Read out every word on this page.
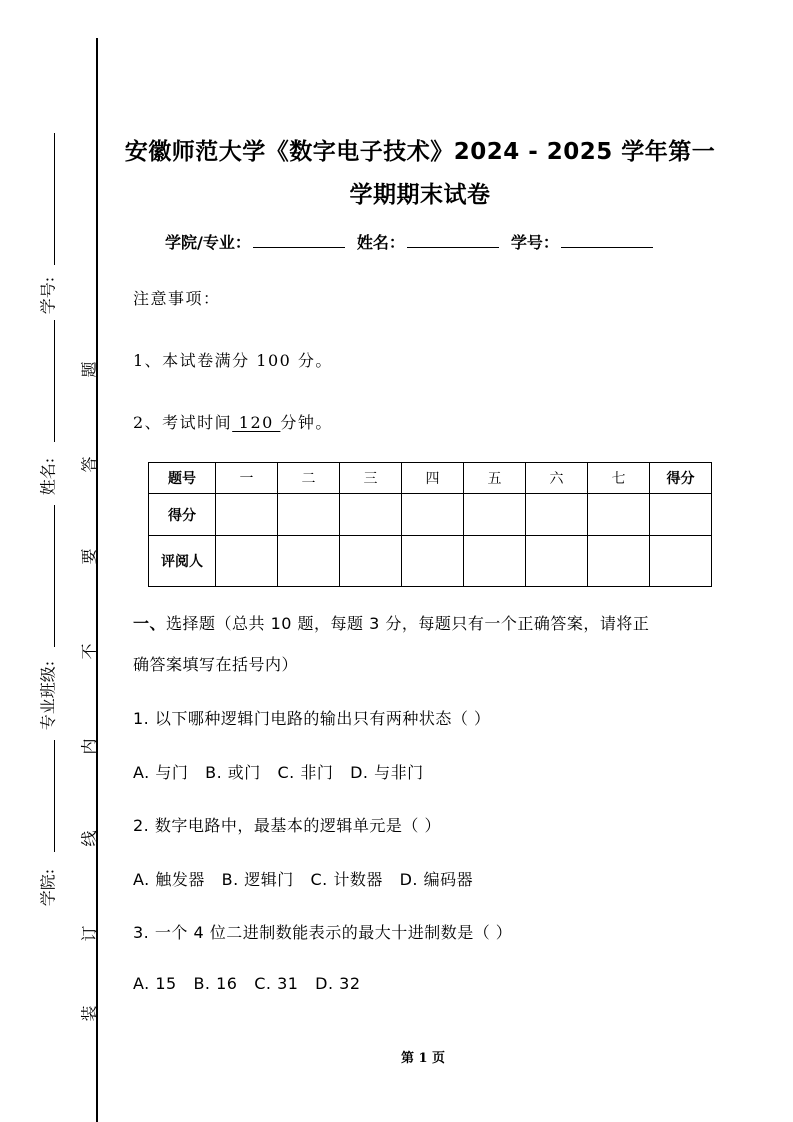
学号:
姓名:
专业班级:
学院:
题
答
要
不
内
线
订
装
安徽师范大学《数字电子技术》2024 - 2025 学年第一
学期期末试卷
学院/专业：	姓名：	学号：
注意事项：
1、本试卷满分 100 分。
2、考试时间 120 分钟。
题号	一	二	三	四	五	六	七	得分
得分								
评阅人								
一、选择题（总共 10 题，每题 3 分，每题只有一个正确答案，请将正
确答案填写在括号内）
1. 以下哪种逻辑门电路的输出只有两种状态（ ）
A. 与门   B. 或门   C. 非门   D. 与非门
2. 数字电路中，最基本的逻辑单元是（ ）
A. 触发器   B. 逻辑门   C. 计数器   D. 编码器
3. 一个 4 位二进制数能表示的最大十进制数是（ ）
A. 15   B. 16   C. 31   D. 32
第 1 页
